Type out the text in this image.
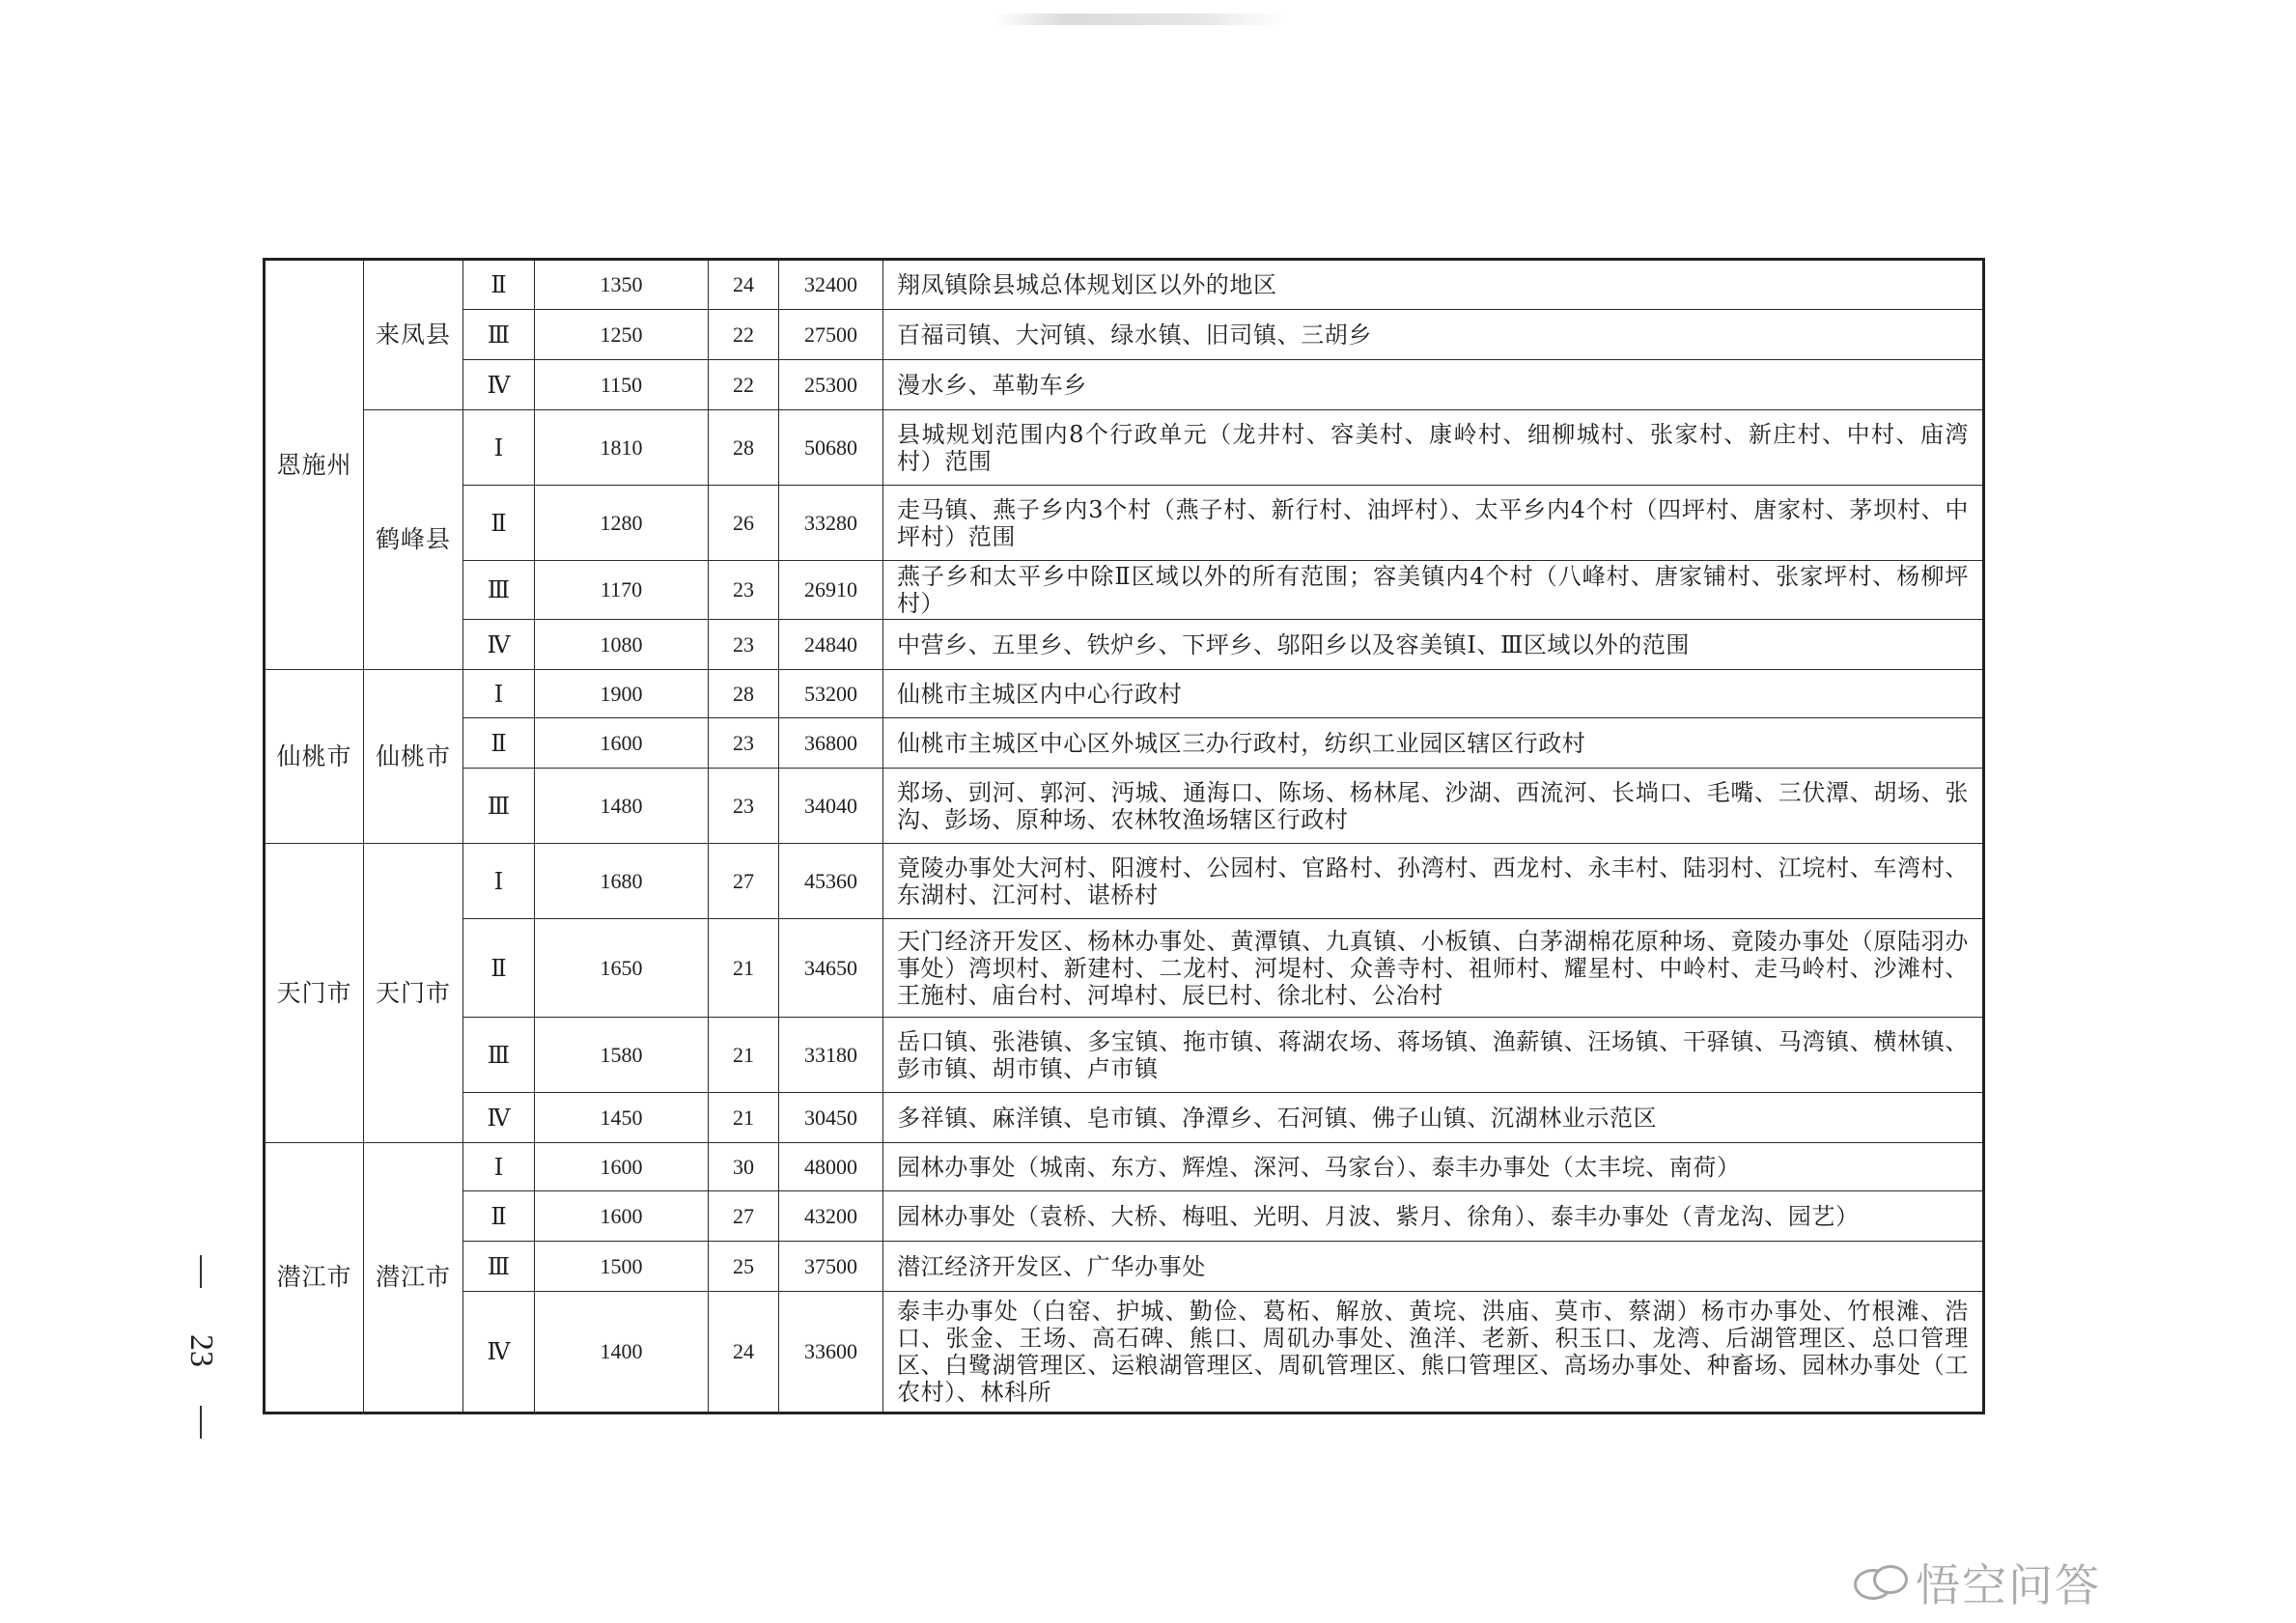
恩施州	来凤县	Ⅱ	1350	24	32400	翔凤镇除县城总体规划区以外的地区
		Ⅲ	1250	22	27500	百福司镇、大河镇、绿水镇、旧司镇、三胡乡
		Ⅳ	1150	22	25300	漫水乡、革勒车乡
	鹤峰县	Ⅰ	1810	28	50680	县城规划范围内8个行政单元（龙井村、容美村、康岭村、细柳城村、张家村、新庄村、中村、庙湾村）范围
		Ⅱ	1280	26	33280	走马镇、燕子乡内3个村（燕子村、新行村、油坪村）、太平乡内4个村（四坪村、唐家村、茅坝村、中坪村）范围
		Ⅲ	1170	23	26910	燕子乡和太平乡中除Ⅱ区域以外的所有范围；容美镇内4个村（八峰村、唐家铺村、张家坪村、杨柳坪村）
		Ⅳ	1080	23	24840	中营乡、五里乡、铁炉乡、下坪乡、邬阳乡以及容美镇Ⅰ、Ⅲ区域以外的范围
仙桃市	仙桃市	Ⅰ	1900	28	53200	仙桃市主城区内中心行政村
		Ⅱ	1600	23	36800	仙桃市主城区中心区外城区三办行政村，纺织工业园区辖区行政村
		Ⅲ	1480	23	34040	郑场、剅河、郭河、沔城、通海口、陈场、杨林尾、沙湖、西流河、长埫口、毛嘴、三伏潭、胡场、张沟、彭场、原种场、农林牧渔场辖区行政村
天门市	天门市	Ⅰ	1680	27	45360	竟陵办事处大河村、阳渡村、公园村、官路村、孙湾村、西龙村、永丰村、陆羽村、江垸村、车湾村、东湖村、江河村、谌桥村
		Ⅱ	1650	21	34650	天门经济开发区、杨林办事处、黄潭镇、九真镇、小板镇、白茅湖棉花原种场、竟陵办事处（原陆羽办事处）湾坝村、新建村、二龙村、河堤村、众善寺村、祖师村、耀星村、中岭村、走马岭村、沙滩村、王施村、庙台村、河埠村、辰巳村、徐北村、公冶村
		Ⅲ	1580	21	33180	岳口镇、张港镇、多宝镇、拖市镇、蒋湖农场、蒋场镇、渔薪镇、汪场镇、干驿镇、马湾镇、横林镇、彭市镇、胡市镇、卢市镇
		Ⅳ	1450	21	30450	多祥镇、麻洋镇、皂市镇、净潭乡、石河镇、佛子山镇、沉湖林业示范区
潜江市	潜江市	Ⅰ	1600	30	48000	园林办事处（城南、东方、辉煌、深河、马家台）、泰丰办事处（太丰垸、南荷）
		Ⅱ	1600	27	43200	园林办事处（袁桥、大桥、梅咀、光明、月波、紫月、徐角）、泰丰办事处（青龙沟、园艺）
		Ⅲ	1500	25	37500	潜江经济开发区、广华办事处
		Ⅳ	1400	24	33600	泰丰办事处（白窑、护城、勤俭、葛柘、解放、黄垸、洪庙、莫市、蔡湖）杨市办事处、竹根滩、浩口、张金、王场、高石碑、熊口、周矶办事处、渔洋、老新、积玉口、龙湾、后湖管理区、总口管理区、白鹭湖管理区、运粮湖管理区、周矶管理区、熊口管理区、高场办事处、种畜场、园林办事处（工农村）、林科所
23
悟空问答
